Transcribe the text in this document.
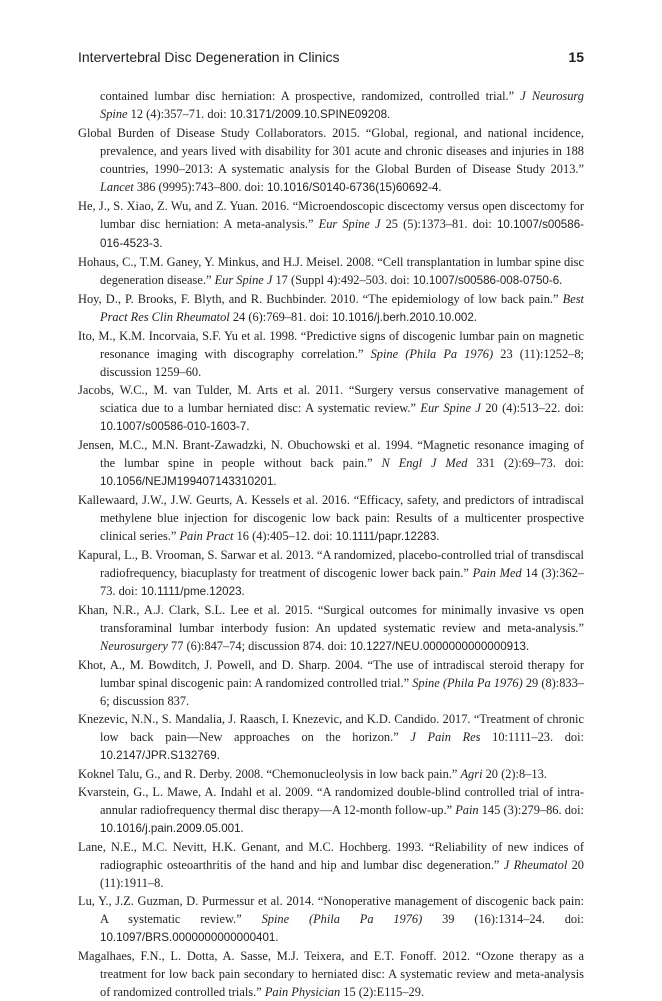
Intervertebral Disc Degeneration in Clinics	15

contained lumbar disc herniation: A prospective, randomized, controlled trial.” J Neurosurg Spine 12 (4):357–71. doi: 10.3171/2009.10.SPINE09208.

Global Burden of Disease Study Collaborators. 2015. “Global, regional, and national incidence, prevalence, and years lived with disability for 301 acute and chronic diseases and injuries in 188 countries, 1990–2013: A systematic analysis for the Global Burden of Disease Study 2013.” Lancet 386 (9995):743–800. doi: 10.1016/S0140-6736(15)60692-4.

He, J., S. Xiao, Z. Wu, and Z. Yuan. 2016. “Microendoscopic discectomy versus open discectomy for lumbar disc herniation: A meta-analysis.” Eur Spine J 25 (5):1373–81. doi: 10.1007/s00586-016-4523-3.

Hohaus, C., T.M. Ganey, Y. Minkus, and H.J. Meisel. 2008. “Cell transplantation in lumbar spine disc degeneration disease.” Eur Spine J 17 (Suppl 4):492–503. doi: 10.1007/s00586-008-0750-6.

Hoy, D., P. Brooks, F. Blyth, and R. Buchbinder. 2010. “The epidemiology of low back pain.” Best Pract Res Clin Rheumatol 24 (6):769–81. doi: 10.1016/j.berh.2010.10.002.

Ito, M., K.M. Incorvaia, S.F. Yu et al. 1998. “Predictive signs of discogenic lumbar pain on magnetic resonance imaging with discography correlation.” Spine (Phila Pa 1976) 23 (11):1252–8; discussion 1259–60.

Jacobs, W.C., M. van Tulder, M. Arts et al. 2011. “Surgery versus conservative management of sciatica due to a lumbar herniated disc: A systematic review.” Eur Spine J 20 (4):513–22. doi: 10.1007/s00586-010-1603-7.

Jensen, M.C., M.N. Brant-Zawadzki, N. Obuchowski et al. 1994. “Magnetic resonance imaging of the lumbar spine in people without back pain.” N Engl J Med 331 (2):69–73. doi: 10.1056/NEJM199407143310201.

Kallewaard, J.W., J.W. Geurts, A. Kessels et al. 2016. “Efficacy, safety, and predictors of intradiscal methylene blue injection for discogenic low back pain: Results of a multicenter prospective clinical series.” Pain Pract 16 (4):405–12. doi: 10.1111/papr.12283.

Kapural, L., B. Vrooman, S. Sarwar et al. 2013. “A randomized, placebo-controlled trial of transdiscal radiofrequency, biacuplasty for treatment of discogenic lower back pain.” Pain Med 14 (3):362–73. doi: 10.1111/pme.12023.

Khan, N.R., A.J. Clark, S.L. Lee et al. 2015. “Surgical outcomes for minimally invasive vs open transforaminal lumbar interbody fusion: An updated systematic review and meta-analysis.” Neurosurgery 77 (6):847–74; discussion 874. doi: 10.1227/NEU.0000000000000913.

Khot, A., M. Bowditch, J. Powell, and D. Sharp. 2004. “The use of intradiscal steroid therapy for lumbar spinal discogenic pain: A randomized controlled trial.” Spine (Phila Pa 1976) 29 (8):833–6; discussion 837.

Knezevic, N.N., S. Mandalia, J. Raasch, I. Knezevic, and K.D. Candido. 2017. “Treatment of chronic low back pain—New approaches on the horizon.” J Pain Res 10:1111–23. doi: 10.2147/JPR.S132769.

Koknel Talu, G., and R. Derby. 2008. “Chemonucleolysis in low back pain.” Agri 20 (2):8–13.

Kvarstein, G., L. Mawe, A. Indahl et al. 2009. “A randomized double-blind controlled trial of intra-annular radiofrequency thermal disc therapy—A 12-month follow-up.” Pain 145 (3):279–86. doi: 10.1016/j.pain.2009.05.001.

Lane, N.E., M.C. Nevitt, H.K. Genant, and M.C. Hochberg. 1993. “Reliability of new indices of radiographic osteoarthritis of the hand and hip and lumbar disc degeneration.” J Rheumatol 20 (11):1911–8.

Lu, Y., J.Z. Guzman, D. Purmessur et al. 2014. “Nonoperative management of discogenic back pain: A systematic review.” Spine (Phila Pa 1976) 39 (16):1314–24. doi: 10.1097/BRS.0000000000000401.

Magalhaes, F.N., L. Dotta, A. Sasse, M.J. Teixera, and E.T. Fonoff. 2012. “Ozone therapy as a treatment for low back pain secondary to herniated disc: A systematic review and meta-analysis of randomized controlled trials.” Pain Physician 15 (2):E115–29.
